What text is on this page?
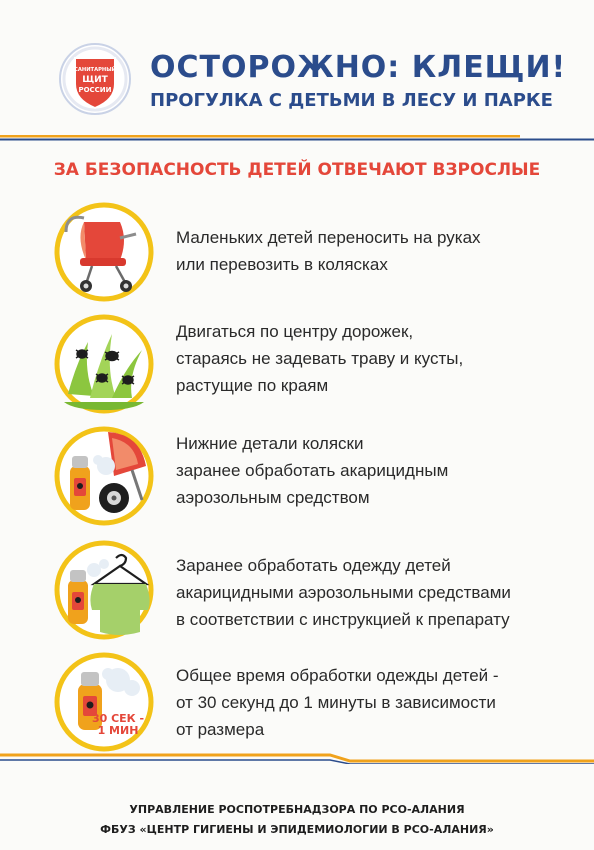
САНИТАРНЫЙ
ЩИТ
РОССИИ
ОСТОРОЖНО: КЛЕЩИ!
ПРОГУЛКА С ДЕТЬМИ В ЛЕСУ И ПАРКЕ
ЗА БЕЗОПАСНОСТЬ ДЕТЕЙ ОТВЕЧАЮТ ВЗРОСЛЫЕ
Маленьких детей переносить на руках
или перевозить в колясках
Двигаться по центру дорожек,
стараясь не задевать траву и кусты,
растущие по краям
Нижние детали коляски
заранее обработать акарицидным
аэрозольным средством
Заранее обработать одежду детей
акарицидными аэрозольными средствами
в соответствии с инструкцией к препарату
30 СЕК -
1 МИН
Общее время обработки одежды детей -
от 30 секунд до 1 минуты в зависимости
от размера
УПРАВЛЕНИЕ РОСПОТРЕБНАДЗОРА ПО РСО-АЛАНИЯ
ФБУЗ «ЦЕНТР ГИГИЕНЫ И ЭПИДЕМИОЛОГИИ В РСО-АЛАНИЯ»
